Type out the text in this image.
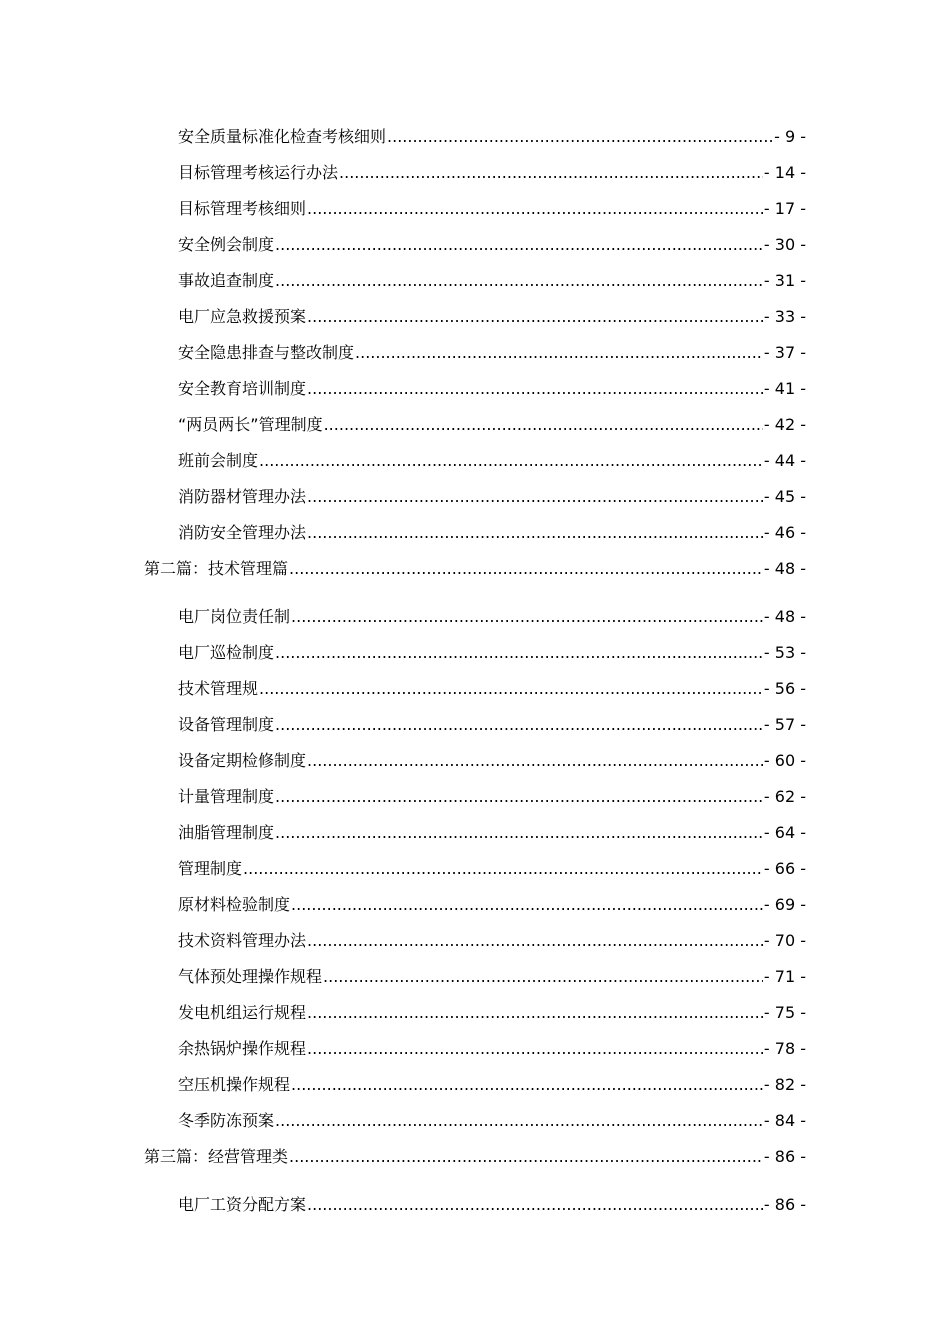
安全质量标准化检查考核细则 .....	- 9 -
目标管理考核运行办法 .....	- 14 -
目标管理考核细则 .....	- 17 -
安全例会制度 .....	- 30 -
事故追查制度 .....	- 31 -
电厂应急救援预案 .....	- 33 -
安全隐患排查与整改制度 .....	- 37 -
安全教育培训制度 .....	- 41 -
“两员两长”管理制度 .....	- 42 -
班前会制度 .....	- 44 -
消防器材管理办法 .....	- 45 -
消防安全管理办法 .....	- 46 -
第二篇：技术管理篇 .....	- 48 -
电厂岗位责任制 .....	- 48 -
电厂巡检制度 .....	- 53 -
技术管理规 .....	- 56 -
设备管理制度 .....	- 57 -
设备定期检修制度 .....	- 60 -
计量管理制度 .....	- 62 -
油脂管理制度 .....	- 64 -
管理制度 .....	- 66 -
原材料检验制度 .....	- 69 -
技术资料管理办法 .....	- 70 -
气体预处理操作规程 .....	- 71 -
发电机组运行规程 .....	- 75 -
余热锅炉操作规程 .....	- 78 -
空压机操作规程 .....	- 82 -
冬季防冻预案 .....	- 84 -
第三篇：经营管理类 .....	- 86 -
电厂工资分配方案 .....	- 86 -
